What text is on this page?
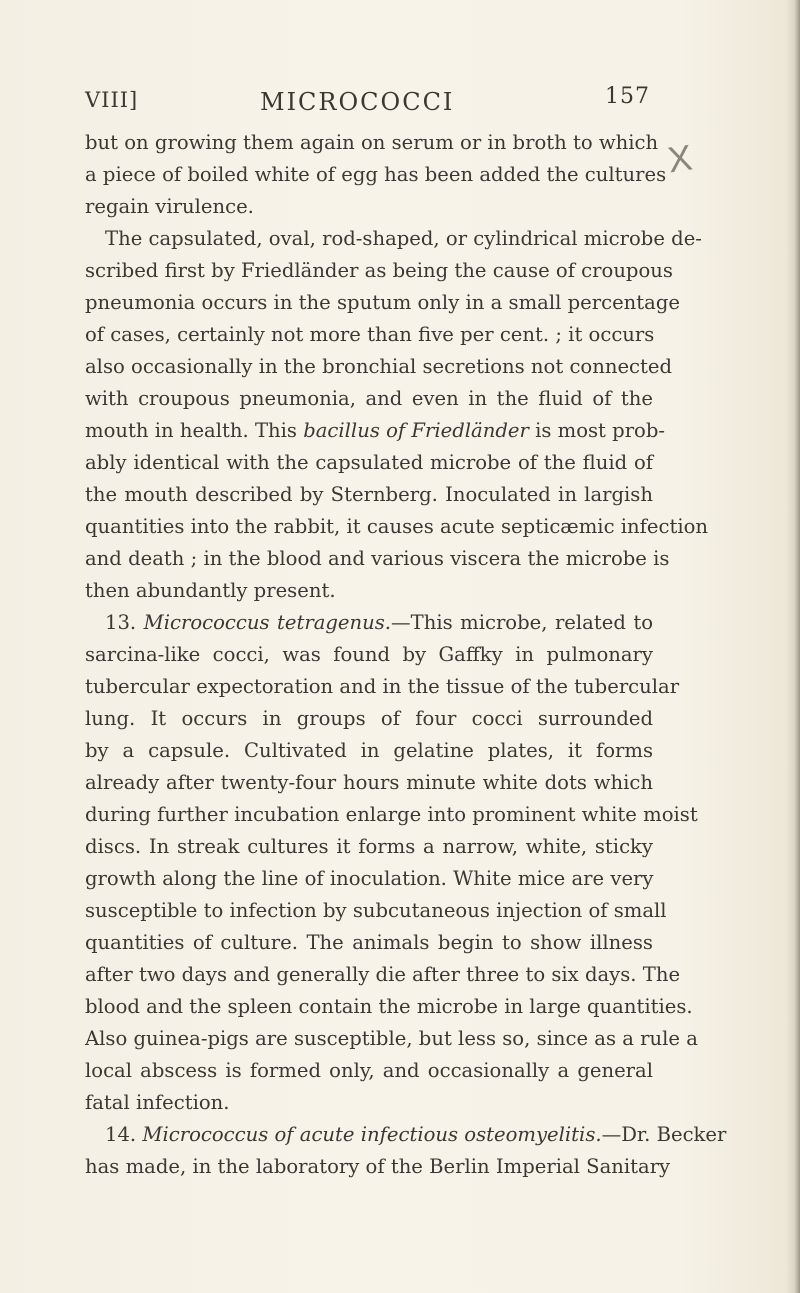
VIII]	MICROCOCCI	157
X
but on growing them again on serum or in broth to which
a piece of boiled white of egg has been added the cultures
regain virulence.
The capsulated, oval, rod-shaped, or cylindrical microbe de-
scribed first by Friedländer as being the cause of croupous
pneumonia occurs in the sputum only in a small percentage
of cases, certainly not more than five per cent. ; it occurs
also occasionally in the bronchial secretions not connected
with croupous pneumonia, and even in the fluid of the
mouth in health. This bacillus of Friedländer is most prob-
ably identical with the capsulated microbe of the fluid of
the mouth described by Sternberg. Inoculated in largish
quantities into the rabbit, it causes acute septicæmic infection
and death ; in the blood and various viscera the microbe is
then abundantly present.
13. Micrococcus tetragenus.—This microbe, related to
sarcina-like cocci, was found by Gaffky in pulmonary
tubercular expectoration and in the tissue of the tubercular
lung. It occurs in groups of four cocci surrounded
by a capsule. Cultivated in gelatine plates, it forms
already after twenty-four hours minute white dots which
during further incubation enlarge into prominent white moist
discs. In streak cultures it forms a narrow, white, sticky
growth along the line of inoculation. White mice are very
susceptible to infection by subcutaneous injection of small
quantities of culture. The animals begin to show illness
after two days and generally die after three to six days. The
blood and the spleen contain the microbe in large quantities.
Also guinea-pigs are susceptible, but less so, since as a rule a
local abscess is formed only, and occasionally a general
fatal infection.
14. Micrococcus of acute infectious osteomyelitis.—Dr. Becker
has made, in the laboratory of the Berlin Imperial Sanitary
